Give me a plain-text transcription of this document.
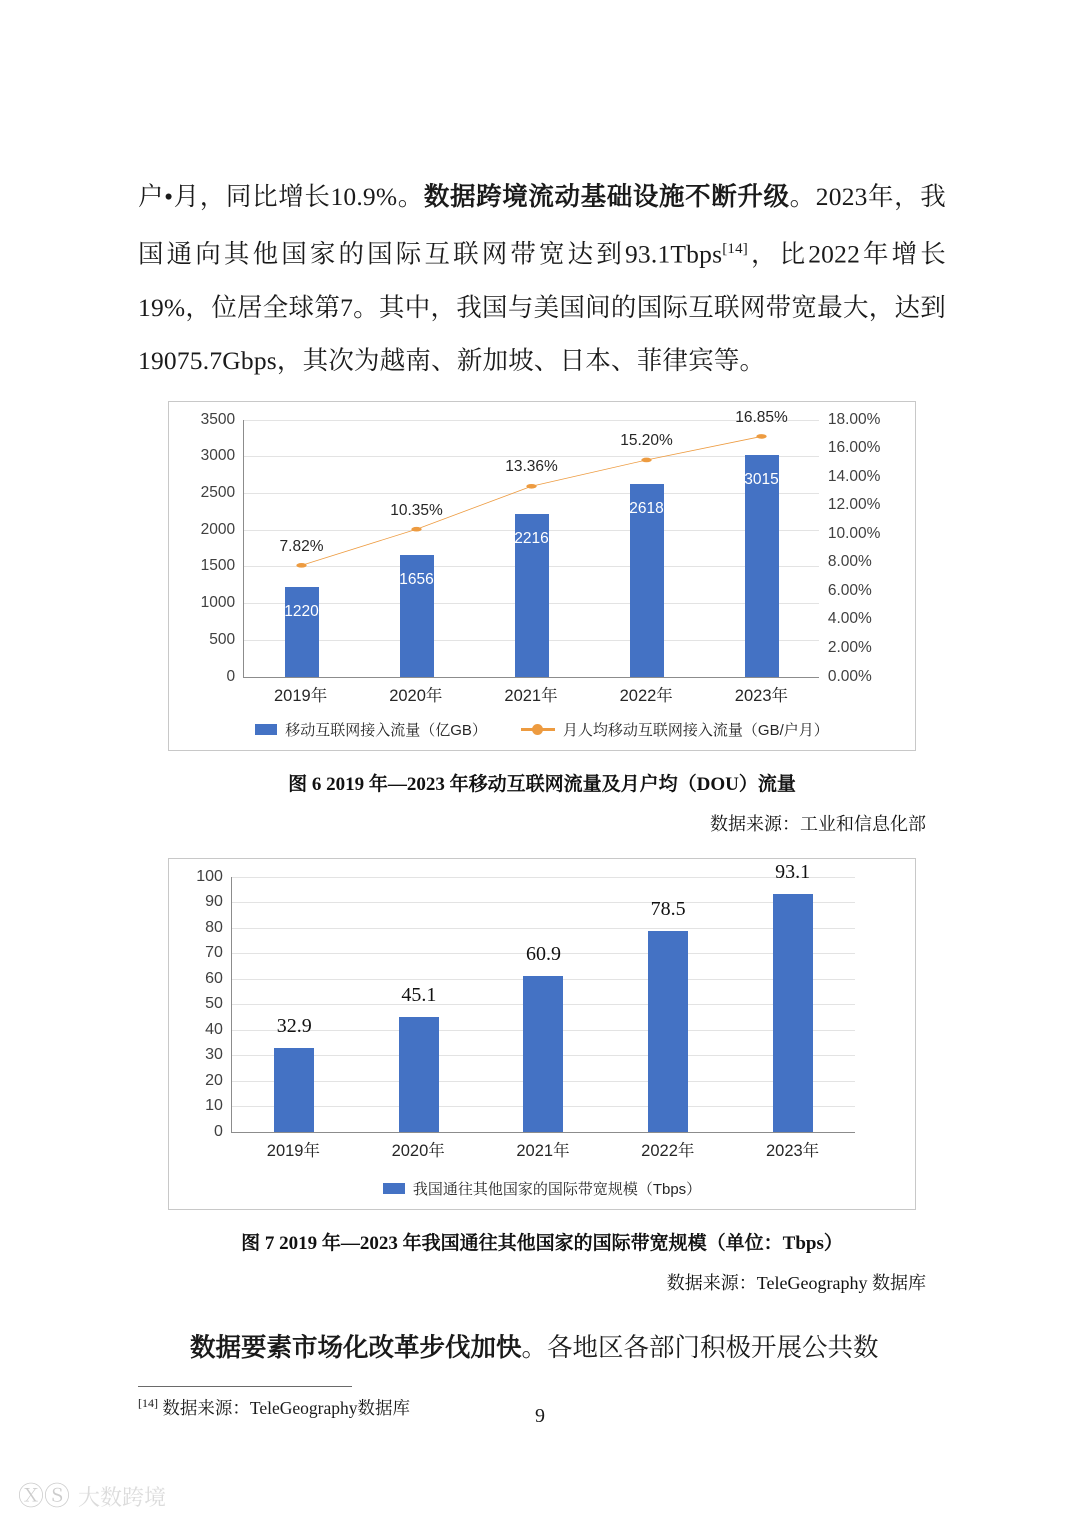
户•月，同比增长10.9%。数据跨境流动基础设施不断升级。2023年，我国通向其他国家的国际互联网带宽达到93.1Tbps[14]，比2022年增长19%，位居全球第7。其中，我国与美国间的国际互联网带宽最大，达到19075.7Gbps，其次为越南、新加坡、日本、菲律宾等。
3500
3000
2500
2000
1500
1000
500
0
18.00%
16.00%
14.00%
12.00%
10.00%
8.00%
6.00%
4.00%
2.00%
0.00%
1220
1656
2216
2618
3015
7.82%
10.35%
13.36%
15.20%
16.85%
2019年	2020年	2021年	2022年	2023年
移动互联网接入流量（亿GB）	月人均移动互联网接入流量（GB/户月）
图 6 2019 年—2023 年移动互联网流量及月户均（DOU）流量
数据来源：工业和信息化部
100
90
80
70
60
50
40
30
20
10
0
32.9
45.1
60.9
78.5
93.1
2019年	2020年	2021年	2022年	2023年
我国通往其他国家的国际带宽规模（Tbps）
图 7 2019 年—2023 年我国通往其他国家的国际带宽规模（单位：Tbps）
数据来源：TeleGeography 数据库
数据要素市场化改革步伐加快。各地区各部门积极开展公共数
[14] 数据来源：TeleGeography数据库	9
ⓍⓈ 大数跨境
